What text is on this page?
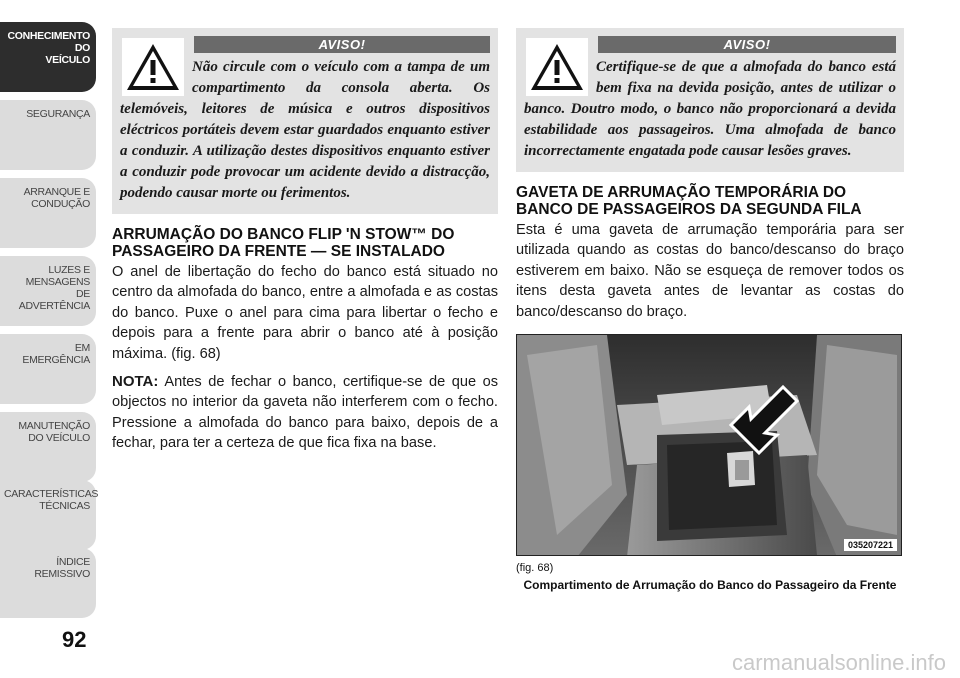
CONHECIMENTO
DO
VEÍCULO
SEGURANÇA
ARRANQUE E
CONDUÇÃO
LUZES E
MENSAGENS
DE
ADVERTÊNCIA
EM
EMERGÊNCIA
MANUTENÇÃO
DO VEÍCULO
CARACTERÍSTICAS
TÉCNICAS
ÍNDICE
REMISSIVO
92
AVISO!
Não circule com o veículo com a tampa de um compartimento da consola aberta. Os telemóveis, leitores de música e outros dispositivos eléctricos portáteis devem estar guardados enquanto estiver a conduzir. A utilização destes dispositivos enquanto estiver a conduzir pode provocar um acidente devido a distracção, podendo causar morte ou ferimentos.
ARRUMAÇÃO DO BANCO FLIP 'N STOW™ DO PASSAGEIRO DA FRENTE — SE INSTALADO

O anel de libertação do fecho do banco está situado no centro da almofada do banco, entre a almofada e as costas do banco. Puxe o anel para cima para libertar o fecho e depois para a frente para abrir o banco até à posição máxima. (fig. 68)

NOTA: Antes de fechar o banco, certifique-se de que os objectos no interior da gaveta não interferem com o fecho. Pressione a almofada do banco para baixo, depois de a fechar, para ter a certeza de que fica fixa na base.

AVISO!
Certifique-se de que a almofada do banco está bem fixa na devida posição, antes de utilizar o banco. Doutro modo, o banco não proporcionará a devida estabilidade aos passageiros. Uma almofada de banco incorrectamente engatada pode causar lesões graves.
GAVETA DE ARRUMAÇÃO TEMPORÁRIA DO BANCO DE PASSAGEIROS DA SEGUNDA FILA

Esta é uma gaveta de arrumação temporária para ser utilizada quando as costas do banco/descanso do braço estiverem em baixo. Não se esqueça de remover todos os itens desta gaveta antes de levantar as costas do banco/descanso do braço.

035207221
(fig. 68)
Compartimento de Arrumação do Banco do Passageiro da Frente
carmanualsonline.info
